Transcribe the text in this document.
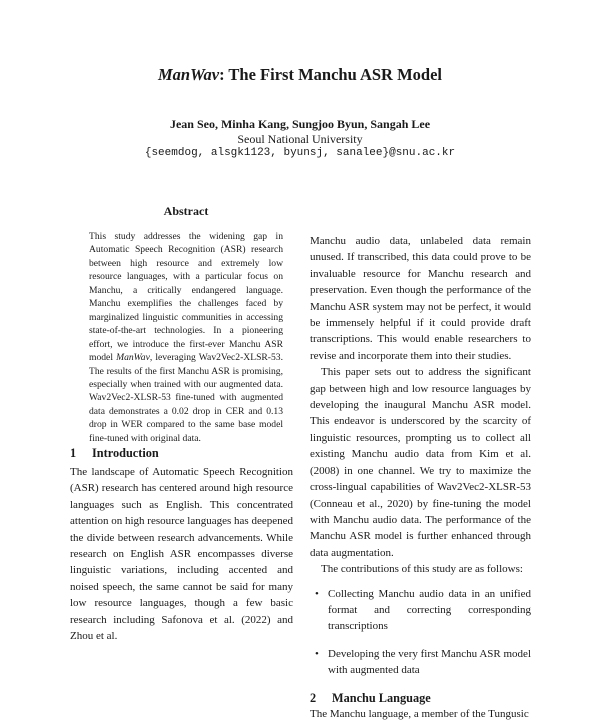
ManWav: The First Manchu ASR Model
Jean Seo, Minha Kang, Sungjoo Byun, Sangah Lee
Seoul National University
{seemdog, alsgk1123, byunsj, sanalee}@snu.ac.kr
Abstract
This study addresses the widening gap in Automatic Speech Recognition (ASR) research between high resource and extremely low resource languages, with a particular focus on Manchu, a critically endangered language. Manchu exemplifies the challenges faced by marginalized linguistic communities in accessing state-of-the-art technologies. In a pioneering effort, we introduce the first-ever Manchu ASR model ManWav, leveraging Wav2Vec2-XLSR-53. The results of the first Manchu ASR is promising, especially when trained with our augmented data. Wav2Vec2-XLSR-53 fine-tuned with augmented data demonstrates a 0.02 drop in CER and 0.13 drop in WER compared to the same base model fine-tuned with original data.
1 Introduction
The landscape of Automatic Speech Recognition (ASR) research has centered around high resource languages such as English. This concentrated attention on high resource languages has deepened the divide between research advancements. While research on English ASR encompasses diverse linguistic variations, including accented and noised speech, the same cannot be said for many low resource languages, though a few basic research including Safonova et al. (2022) and Zhou et al.

Manchu audio data, unlabeled data remain unused. If transcribed, this data could prove to be invaluable resource for Manchu research and preservation. Even though the performance of the Manchu ASR system may not be perfect, it would be immensely helpful if it could provide draft transcriptions. This would enable researchers to revise and incorporate them into their studies.

This paper sets out to address the significant gap between high and low resource languages by developing the inaugural Manchu ASR model. This endeavor is underscored by the scarcity of linguistic resources, prompting us to collect all existing Manchu audio data from Kim et al. (2008) in one channel. We try to maximize the cross-lingual capabilities of Wav2Vec2-XLSR-53 (Conneau et al., 2020) by fine-tuning the model with Manchu audio data. The performance of the Manchu ASR model is further enhanced through data augmentation.

The contributions of this study are as follows:

• Collecting Manchu audio data in an unified format and correcting corresponding transcriptions
• Developing the very first Manchu ASR model with augmented data
2 Manchu Language

The Manchu language, a member of the Tungusic
